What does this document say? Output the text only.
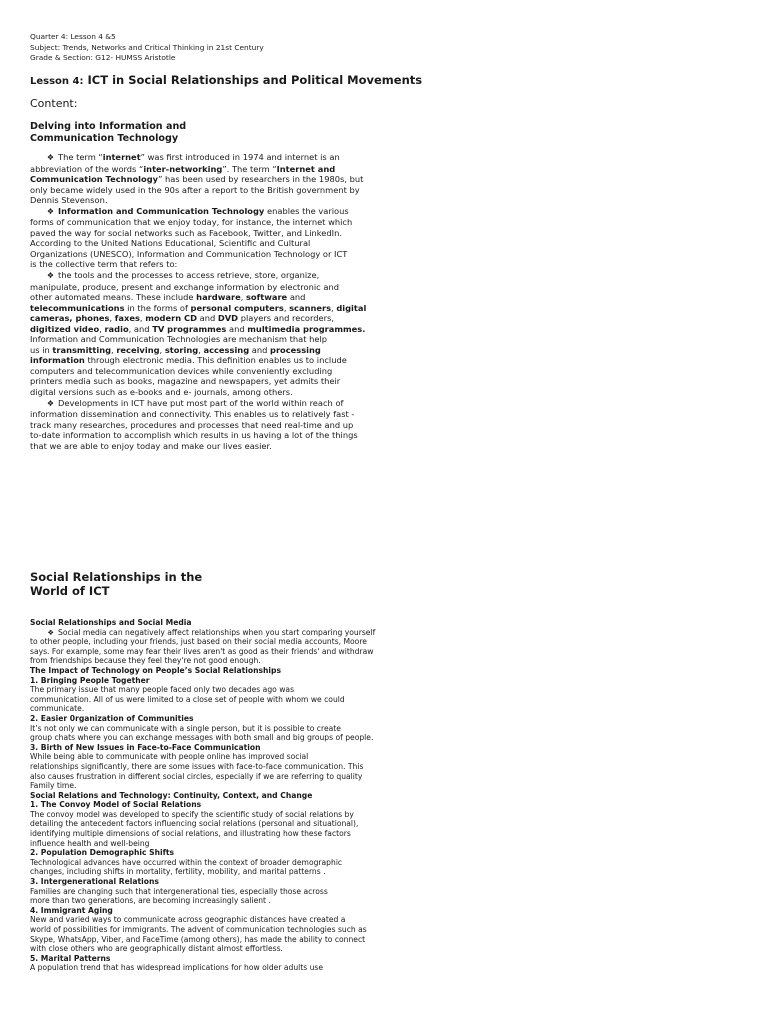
Quarter 4: Lesson 4 &5
Subject: Trends, Networks and Critical Thinking in 21st Century
Grade & Section: G12- HUMSS Aristotle
Lesson 4: ICT in Social Relationships and Political Movements
Content:
Delving into Information and
Communication Technology

❖ The term “internet” was first introduced in 1974 and internet is an

abbreviation of the words “inter-networking”. The term “Internet and

Communication Technology” has been used by researchers in the 1980s, but

only became widely used in the 90s after a report to the British government by

Dennis Stevenson.

❖ Information and Communication Technology enables the various

forms of communication that we enjoy today, for instance, the internet which

paved the way for social networks such as Facebook, Twitter, and LinkedIn.

According to the United Nations Educational, Scientific and Cultural

Organizations (UNESCO), Information and Communication Technology or ICT

is the collective term that refers to:

❖ the tools and the processes to access retrieve, store, organize,

manipulate, produce, present and exchange information by electronic and

other automated means. These include hardware, software and

telecommunications in the forms of personal computers, scanners, digital

cameras, phones, faxes, modern CD and DVD players and recorders,

digitized video, radio, and TV programmes and multimedia programmes.

Information and Communication Technologies are mechanism that help

us in transmitting, receiving, storing, accessing and processing

information through electronic media. This definition enables us to include

computers and telecommunication devices while conveniently excluding

printers media such as books, magazine and newspapers, yet admits their

digital versions such as e-books and e- journals, among others.

❖ Developments in ICT have put most part of the world within reach of

information dissemination and connectivity. This enables us to relatively fast -

track many researches, procedures and processes that need real-time and up

to-date information to accomplish which results in us having a lot of the things

that we are able to enjoy today and make our lives easier.

Social Relationships in the
World of ICT

Social Relationships and Social Media

❖ Social media can negatively affect relationships when you start comparing yourself

to other people, including your friends, just based on their social media accounts, Moore

says. For example, some may fear their lives aren't as good as their friends' and withdraw

from friendships because they feel they're not good enough.

The Impact of Technology on People’s Social Relationships

1. Bringing People Together

The primary issue that many people faced only two decades ago was

communication. All of us were limited to a close set of people with whom we could

communicate.

2. Easier 0rganization of Communities

It’s not only we can communicate with a single person, but it is possible to create

group chats where you can exchange messages with both small and big groups of people.

3. Birth of New Issues in Face-to-Face Communication

While being able to communicate with people online has improved social

relationships significantly, there are some issues with face-to-face communication. This

also causes frustration in different social circles, especially if we are referring to quality

Family time.

Social Relations and Technology: Continuity, Context, and Change

1. The Convoy Model of Social Relations

The convoy model was developed to specify the scientific study of social relations by

detailing the antecedent factors influencing social relations (personal and situational),

identifying multiple dimensions of social relations, and illustrating how these factors

influence health and well-being

2. Population Demographic Shifts

Technological advances have occurred within the context of broader demographic

changes, including shifts in mortality, fertility, mobility, and marital patterns .

3. Intergenerational Relations

Families are changing such that intergenerational ties, especially those across

more than two generations, are becoming increasingly salient .

4. Immigrant Aging

New and varied ways to communicate across geographic distances have created a

world of possibilities for immigrants. The advent of communication technologies such as

Skype, WhatsApp, Viber, and FaceTime (among others), has made the ability to connect

with close others who are geographically distant almost effortless.

5. Marital Patterns

A population trend that has widespread implications for how older adults use
